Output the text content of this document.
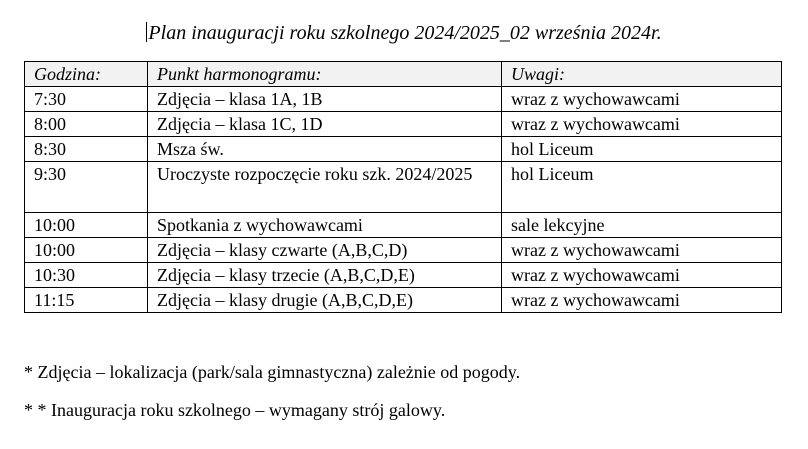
Plan inauguracji roku szkolnego 2024/2025_02 września 2024r.
Godzina:	Punkt harmonogramu:	Uwagi:
7:30	Zdjęcia – klasa 1A, 1B	wraz z wychowawcami
8:00	Zdjęcia – klasa 1C, 1D	wraz z wychowawcami
8:30	Msza św.	hol Liceum
9:30	Uroczyste rozpoczęcie roku szk. 2024/2025	hol Liceum
10:00	Spotkania z wychowawcami	sale lekcyjne
10:00	Zdjęcia – klasy czwarte (A,B,C,D)	wraz z wychowawcami
10:30	Zdjęcia – klasy trzecie (A,B,C,D,E)	wraz z wychowawcami
11:15	Zdjęcia – klasy drugie (A,B,C,D,E)	wraz z wychowawcami
* Zdjęcia – lokalizacja (park/sala gimnastyczna) zależnie od pogody.
* * Inauguracja roku szkolnego – wymagany strój galowy.
